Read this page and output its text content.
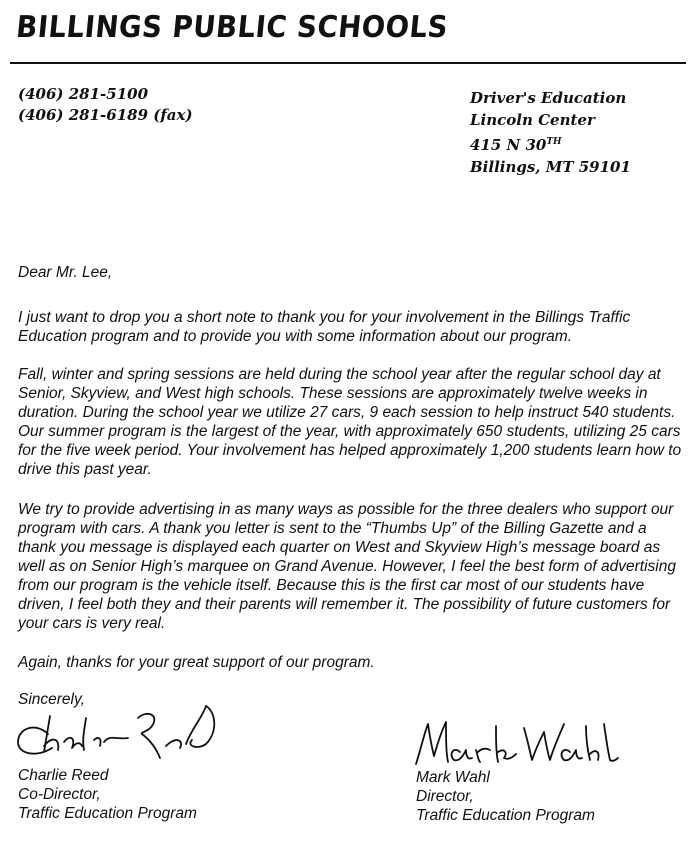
BILLINGS PUBLIC SCHOOLS
(406) 281-5100
(406) 281-6189 (fax)
Driver's Education
Lincoln Center
415 N 30TH
Billings, MT 59101

Dear Mr. Lee,

I just want to drop you a short note to thank you for your involvement in the Billings Traffic Education program and to provide you with some information about our program.

Fall, winter and spring sessions are held during the school year after the regular school day at Senior, Skyview, and West high schools. These sessions are approximately twelve weeks in duration. During the school year we utilize 27 cars, 9 each session to help instruct 540 students. Our summer program is the largest of the year, with approximately 650 students, utilizing 25 cars for the five week period. Your involvement has helped approximately 1,200 students learn how to drive this past year.

We try to provide advertising in as many ways as possible for the three dealers who support our program with cars. A thank you letter is sent to the “Thumbs Up” of the Billing Gazette and a thank you message is displayed each quarter on West and Skyview High’s message board as well as on Senior High’s marquee on Grand Avenue. However, I feel the best form of advertising from our program is the vehicle itself. Because this is the first car most of our students have driven, I feel both they and their parents will remember it. The possibility of future customers for your cars is very real.

Again, thanks for your great support of our program.

Sincerely,

Charlie Reed
Co-Director,
Traffic Education Program
Mark Wahl
Director,
Traffic Education Program
